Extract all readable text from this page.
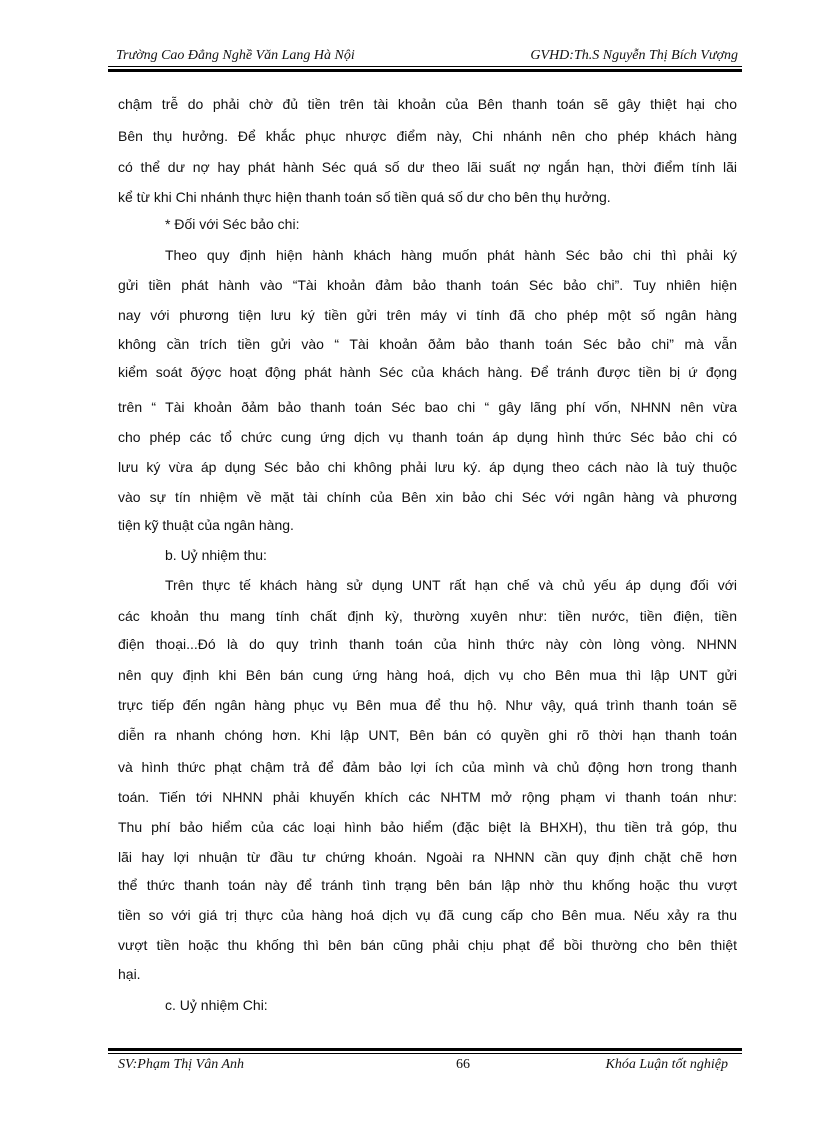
Trường Cao Đẳng Nghề Văn Lang Hà Nội	GVHD:Th.S Nguyễn Thị Bích Vượng
chậm trễ do phải chờ đủ tiền trên tài khoản của Bên thanh toán sẽ gây thiệt hại cho
Bên thụ hưởng. Để khắc phục nhược điểm này, Chi nhánh nên cho phép khách hàng
có thể dư nợ hay phát hành Séc quá số dư theo lãi suất nợ ngắn hạn, thời điểm tính lãi
kể từ khi Chi nhánh thực hiện thanh toán số tiền quá số dư cho bên thụ hưởng.
* Đối với Séc bảo chi:
Theo quy định hiện hành khách hàng muốn phát hành Séc bảo chi thì phải ký
gửi tiền phát hành vào “Tài khoản đảm bảo thanh toán Séc bảo chi”. Tuy nhiên hiện
nay với phương tiện lưu ký tiền gửi trên máy vi tính đã cho phép một số ngân hàng
không cần trích tiền gửi vào “ Tài khoản ðảm bảo thanh toán Séc bảo chi” mà vẫn
kiểm soát ðýợc hoạt động phát hành Séc của khách hàng. Để tránh được tiền bị ứ đọng
trên “ Tài khoản ðảm bảo thanh toán Séc bao chi “ gây lãng phí vốn, NHNN nên vừa
cho phép các tổ chức cung ứng dịch vụ thanh toán áp dụng hình thức Séc bảo chi có
lưu ký vừa áp dụng Séc bảo chi không phải lưu ký. áp dụng theo cách nào là tuỳ thuộc
vào sự tín nhiệm về mặt tài chính của Bên xin bảo chi Séc với ngân hàng và phương
tiện kỹ thuật của ngân hàng.
b. Uỷ nhiệm thu:
Trên thực tế khách hàng sử dụng UNT rất hạn chế và chủ yếu áp dụng đối với
các khoản thu mang tính chất định kỳ, thường xuyên như: tiền nước, tiền điện, tiền
điện thoại...Đó là do quy trình thanh toán của hình thức này còn lòng vòng. NHNN
nên quy định khi Bên bán cung ứng hàng hoá, dịch vụ cho Bên mua thì lập UNT gửi
trực tiếp đến ngân hàng phục vụ Bên mua để thu hộ. Như vậy, quá trình thanh toán sẽ
diễn ra nhanh chóng hơn. Khi lập UNT, Bên bán có quyền ghi rõ thời hạn thanh toán
và hình thức phạt chậm trả để đảm bảo lợi ích của mình và chủ động hơn trong thanh
toán. Tiến tới NHNN phải khuyến khích các NHTM mở rộng phạm vi thanh toán như:
Thu phí bảo hiểm của các loại hình bảo hiểm (đặc biệt là BHXH), thu tiền trả góp, thu
lãi hay lợi nhuận từ đầu tư chứng khoán. Ngoài ra NHNN cần quy định chặt chẽ hơn
thể thức thanh toán này để tránh tình trạng bên bán lập nhờ thu khống hoặc thu vượt
tiền so với giá trị thực của hàng hoá dịch vụ đã cung cấp cho Bên mua. Nếu xảy ra thu
vượt tiền hoặc thu khống thì bên bán cũng phải chịu phạt để bồi thường cho bên thiệt
hại.
c. Uỷ nhiệm Chi:
SV:Phạm Thị Vân Anh	66	Khóa Luận tốt nghiệp
